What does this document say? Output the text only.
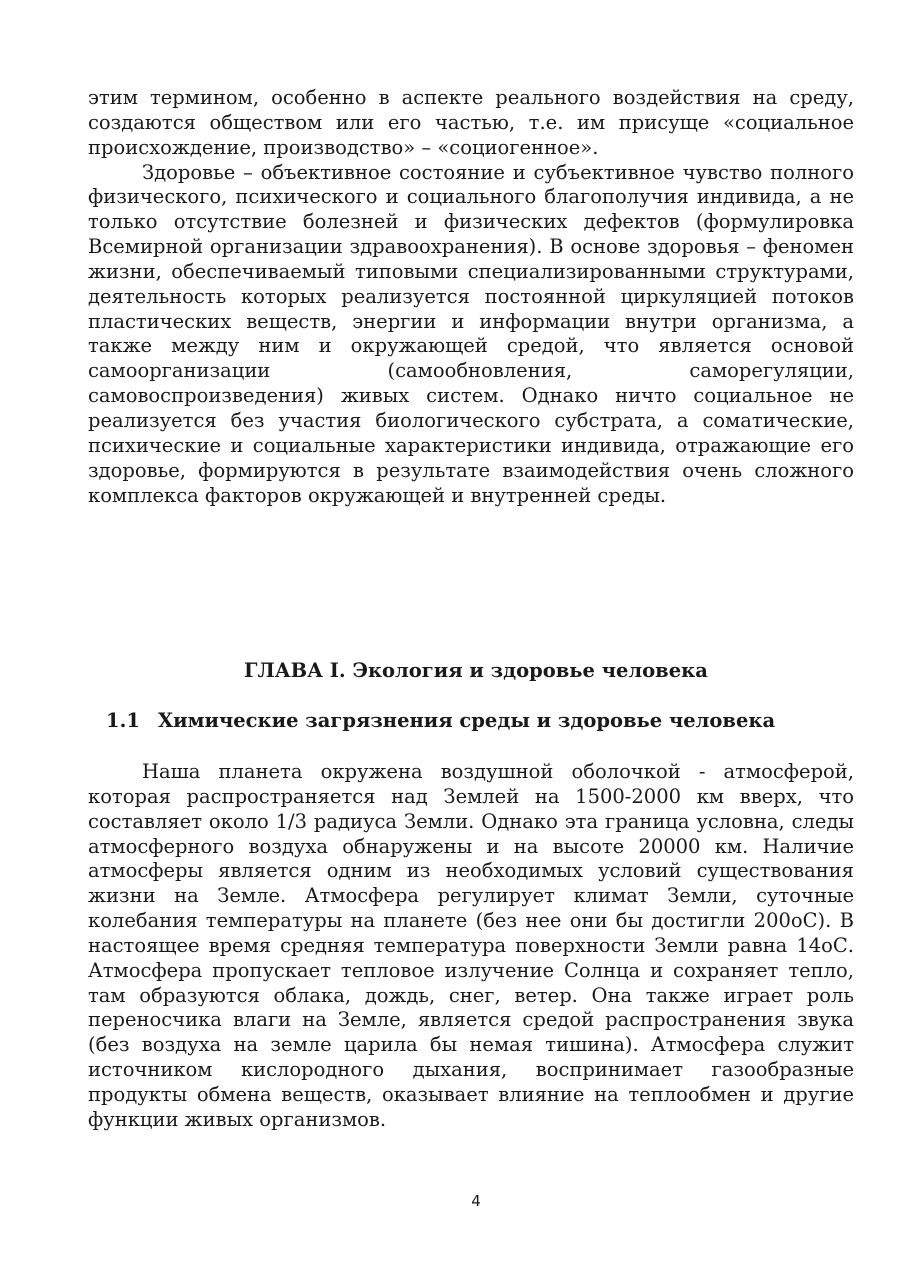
этим термином, особенно в аспекте реального воздействия на среду, создаются обществом или его частью, т.е. им присуще «социальное происхождение, производство» – «социогенное».

Здоровье – объективное состояние и субъективное чувство полного физического, психического и социального благополучия индивида, а не только отсутствие болезней и физических дефектов (формулировка Всемирной организации здравоохранения). В основе здоровья – феномен жизни, обеспечиваемый типовыми специализированными структурами, деятельность которых реализуется постоянной циркуляцией потоков пластических веществ, энергии и информации внутри организма, а также между ним и окружающей средой, что является основой самоорганизации (самообновления, саморегуляции, самовоспроизведения) живых систем. Однако ничто социальное не реализуется без участия биологического субстрата, а соматические, психические и социальные характеристики индивида, отражающие его здоровье, формируются в результате взаимодействия очень сложного комплекса факторов окружающей и внутренней среды.

ГЛАВА I. Экология и здоровье человека
1.1 Химические загрязнения среды и здоровье человека

Наша планета окружена воздушной оболочкой - атмосферой, которая распространяется над Землей на 1500-2000 км вверх, что составляет около 1/3 радиуса Земли. Однако эта граница условна, следы атмосферного воздуха обнаружены и на высоте 20000 км. Наличие атмосферы является одним из необходимых условий существования жизни на Земле. Атмосфера регулирует климат Земли, суточные колебания температуры на планете (без нее они бы достигли 200оС). В настоящее время средняя температура поверхности Земли равна 14оС. Атмосфера пропускает тепловое излучение Солнца и сохраняет тепло, там образуются облака, дождь, снег, ветер. Она также играет роль переносчика влаги на Земле, является средой распространения звука (без воздуха на земле царила бы немая тишина). Атмосфера служит источником кислородного дыхания, воспринимает газообразные продукты обмена веществ, оказывает влияние на теплообмен и другие функции живых организмов.

4
